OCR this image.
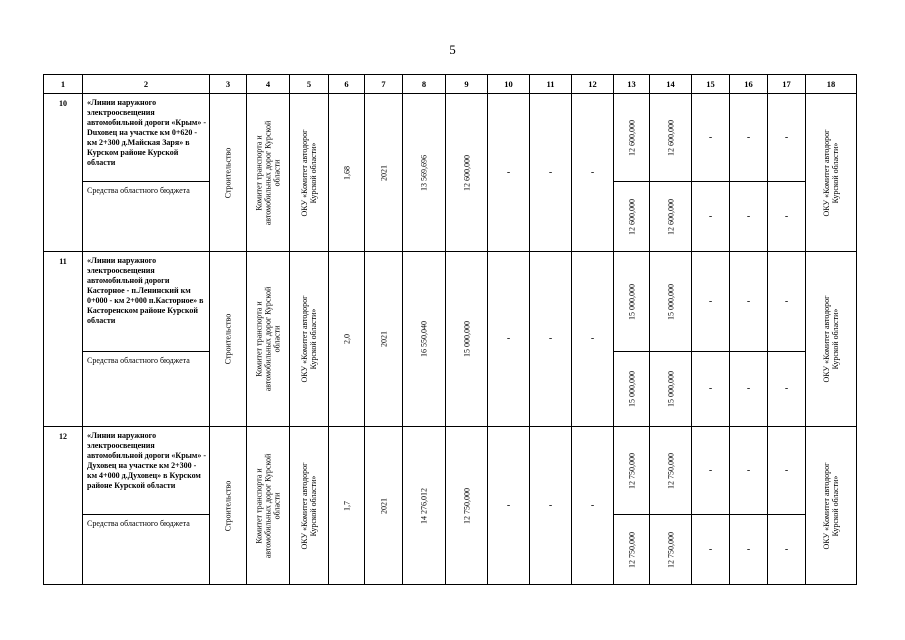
5
1	2	3	4	5	6	7	8	9	10	11	12	13	14	15	16	17	18
10	«Линии наружного электроосвещения автомобильной дороги «Крым» - Duховец на участке км 0+620 - км 2+300 д.Майская Заря» в Курском районе Курской области	Строительство	Комитет транспорта и автомобильных дорог Курской области	ОКУ «Комитет автодорог Курской области»	1,68	2021	13 569,696	12 600,000	-	-	-	12 600,000	12 600,000	-	-	-	ОКУ «Комитет автодорог Курской области»

	Средства областного бюджета											12 600,000	12 600,000	-	-	-	
11	«Линии наружного электроосвещения автомобильной дороги Касторное - п.Ленинский км 0+000 - км 2+000 п.Касторное» в Касторенском районе Курской области	Строительство	Комитет транспорта и автомобильных дорог Курской области	ОКУ «Комитет автодорог Курской области»	2,0	2021	16 550,040	15 000,000	-	-	-	15 000,000	15 000,000	-	-	-	ОКУ «Комитет автодорог Курской области»

	Средства областного бюджета											15 000,000	15 000,000	-	-	-	
12	«Линии наружного электроосвещения автомобильной дороги «Крым» - Духовец на участке км 2+300 - км 4+000 д.Духовец» в Курском районе Курской области	Строительство	Комитет транспорта и автомобильных дорог Курской области	ОКУ «Комитет автодорог Курской области»	1,7	2021	14 276,012	12 750,000	-	-	-	12 750,000	12 750,000	-	-	-	ОКУ «Комитет автодорог Курской области»

	Средства областного бюджета											12 750,000	12 750,000	-	-	-	
